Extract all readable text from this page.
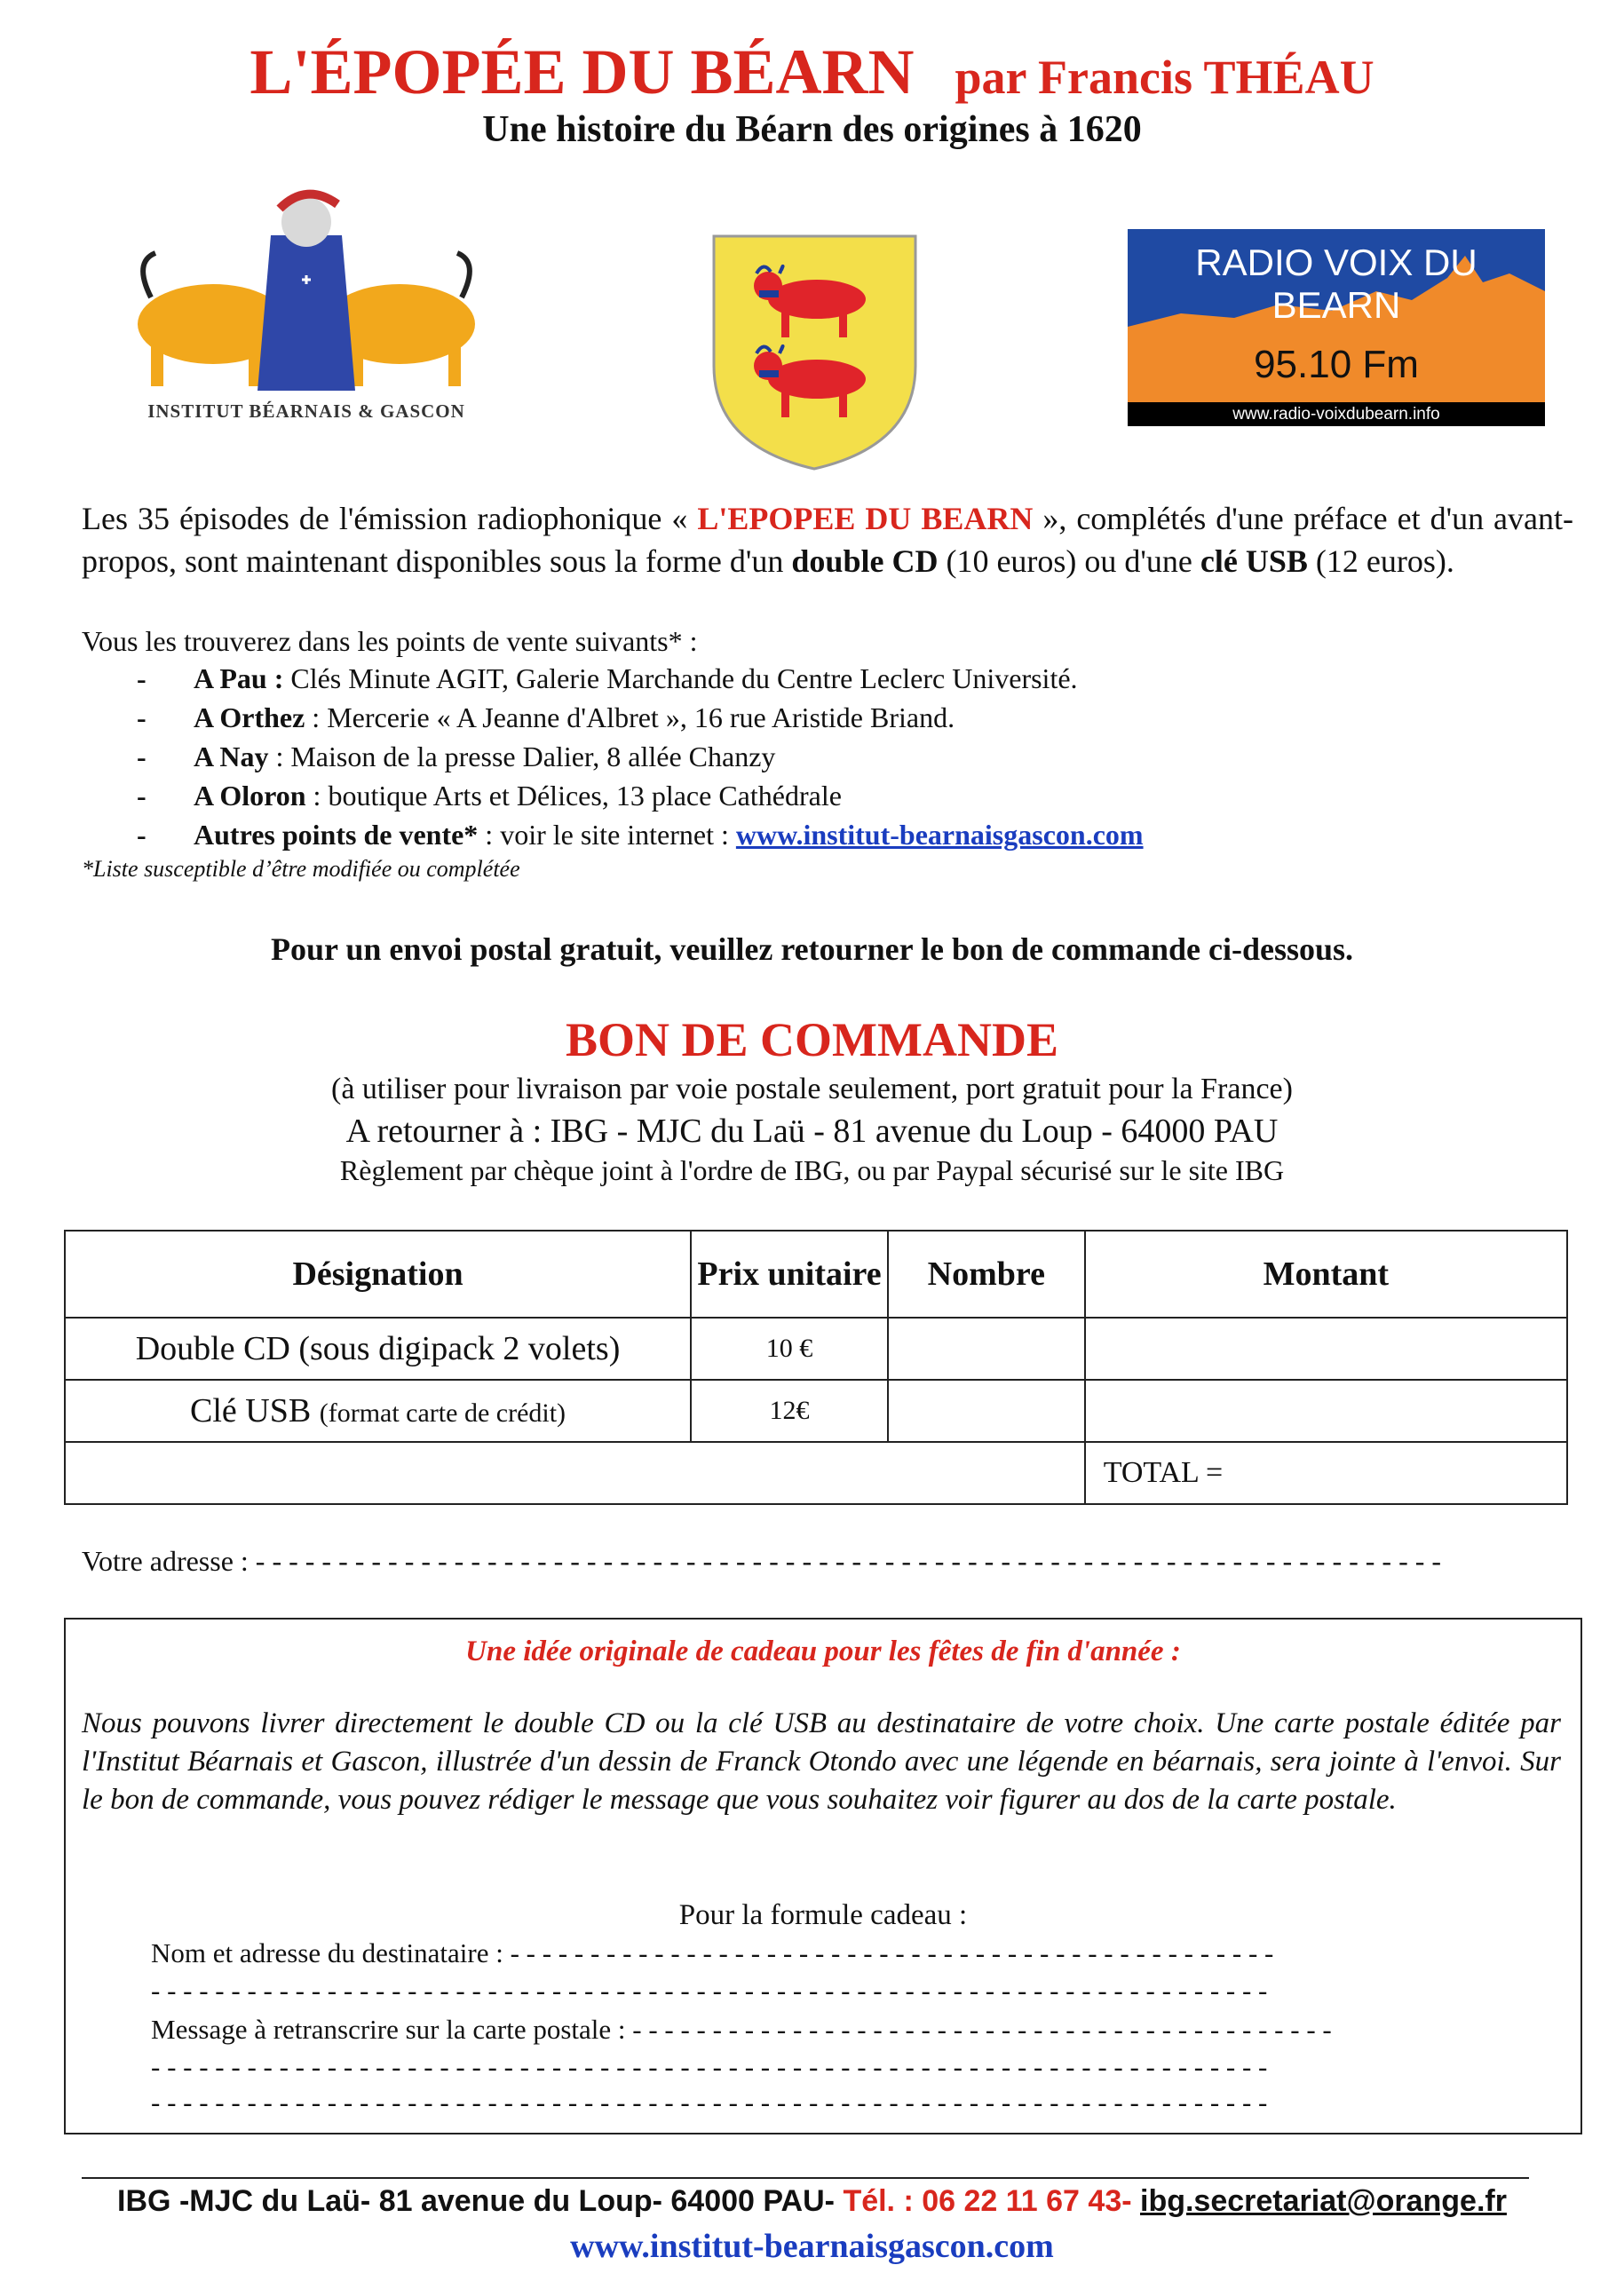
L'ÉPOPÉE DU BÉARN par Francis THÉAU
Une histoire du Béarn des origines à 1620
INSTITUT BÉARNAIS & GASCON
RADIO VOIX DU BEARN
95.10 Fm
www.radio-voixdubearn.info
Les 35 épisodes de l'émission radiophonique « L'EPOPEE DU BEARN », complétés d'une préface et d'un avant-propos, sont maintenant disponibles sous la forme d'un double CD (10 euros) ou d'une clé USB (12 euros).
Vous les trouverez dans les points de vente suivants* :
- A Pau : Clés Minute AGIT, Galerie Marchande du Centre Leclerc Université.
- A Orthez : Mercerie « A Jeanne d'Albret », 16 rue Aristide Briand.
- A Nay : Maison de la presse Dalier, 8 allée Chanzy
- A Oloron : boutique Arts et Délices, 13 place Cathédrale
- Autres points de vente* : voir le site internet : www.institut-bearnaisgascon.com
*Liste susceptible d’être modifiée ou complétée
Pour un envoi postal gratuit, veuillez retourner le bon de commande ci-dessous.
BON DE COMMANDE
(à utiliser pour livraison par voie postale seulement, port gratuit pour la France)
A retourner à : IBG - MJC du Laü - 81 avenue du Loup - 64000 PAU
Règlement par chèque joint à l'ordre de IBG, ou par Paypal sécurisé sur le site IBG
Désignation	Prix unitaire	Nombre	Montant
Double CD (sous digipack 2 volets)	10 €		
Clé USB (format carte de crédit)	12€		
			TOTAL =
Votre adresse : - - - - - - - - - - - - - - - - - - - - - - - - - - - - - - - - - - - - - - - - - - - - - - - - - - - - - - - - - - - - - - - - - - - - - - - -
Une idée originale de cadeau pour les fêtes de fin d'année :
Nous pouvons livrer directement le double CD ou la clé USB au destinataire de votre choix. Une carte postale éditée par l'Institut Béarnais et Gascon, illustrée d'un dessin de Franck Otondo avec une légende en béarnais, sera jointe à l'envoi. Sur le bon de commande, vous pouvez rédiger le message que vous souhaitez voir figurer au dos de la carte postale.
Pour la formule cadeau :
Nom et adresse du destinataire : - - - - - - - - - - - - - - - - - - - - - - - - - - - - - - - - - - - - - - - - - - - - - - - -
- - - - - - - - - - - - - - - - - - - - - - - - - - - - - - - - - - - - - - - - - - - - - - - - - - - - - - - - - - - - - - - - - - - - - -
Message à retranscrire sur la carte postale : - - - - - - - - - - - - - - - - - - - - - - - - - - - - - - - - - - - - - - - - - - - -
- - - - - - - - - - - - - - - - - - - - - - - - - - - - - - - - - - - - - - - - - - - - - - - - - - - - - - - - - - - - - - - - - - - - - -
- - - - - - - - - - - - - - - - - - - - - - - - - - - - - - - - - - - - - - - - - - - - - - - - - - - - - - - - - - - - - - - - - - - - - -
IBG -MJC du Laü- 81 avenue du Loup- 64000 PAU- Tél. : 06 22 11 67 43- ibg.secretariat@orange.fr
www.institut-bearnaisgascon.com
